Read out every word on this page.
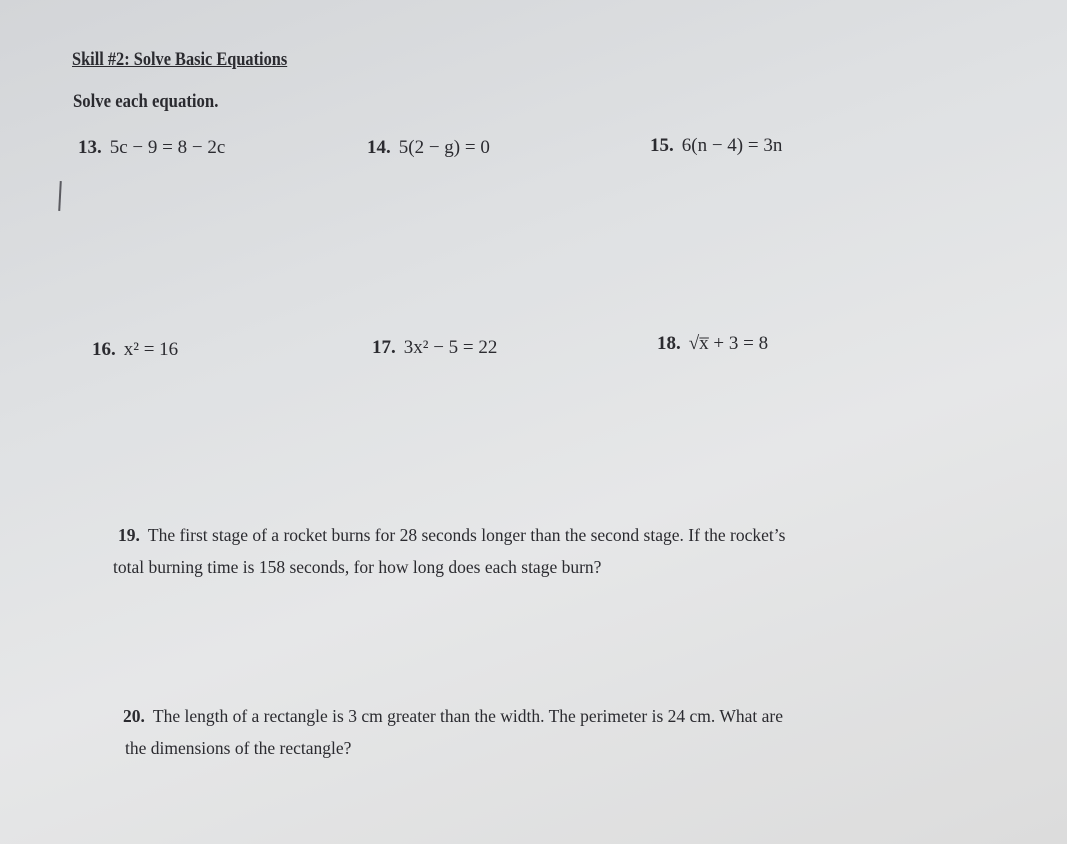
Skill #2: Solve Basic Equations
Solve each equation.
13. 5c − 9 = 8 − 2c	14. 5(2 − g) = 0	15. 6(n − 4) = 3n
16. x² = 16	17. 3x² − 5 = 22	18. √x̅ + 3 = 8
19. The first stage of a rocket burns for 28 seconds longer than the second stage. If the rocket’s
total burning time is 158 seconds, for how long does each stage burn?
20. The length of a rectangle is 3 cm greater than the width. The perimeter is 24 cm. What are
the dimensions of the rectangle?
